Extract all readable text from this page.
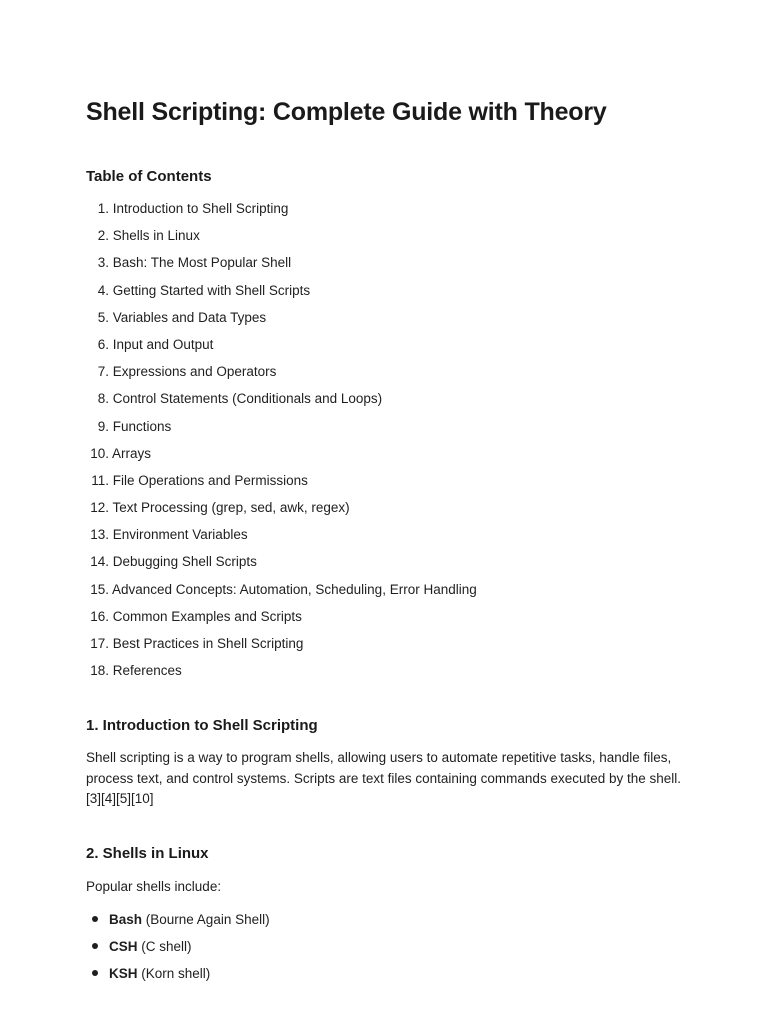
Shell Scripting: Complete Guide with Theory
Table of Contents
1. Introduction to Shell Scripting
2. Shells in Linux
3. Bash: The Most Popular Shell
4. Getting Started with Shell Scripts
5. Variables and Data Types
6. Input and Output
7. Expressions and Operators
8. Control Statements (Conditionals and Loops)
9. Functions
10. Arrays
11. File Operations and Permissions
12. Text Processing (grep, sed, awk, regex)
13. Environment Variables
14. Debugging Shell Scripts
15. Advanced Concepts: Automation, Scheduling, Error Handling
16. Common Examples and Scripts
17. Best Practices in Shell Scripting
18. References
1. Introduction to Shell Scripting

Shell scripting is a way to program shells, allowing users to automate repetitive tasks, handle files, process text, and control systems. Scripts are text files containing commands executed by the shell.[3][4][5][10]

2. Shells in Linux

Popular shells include:

Bash (Bourne Again Shell)
CSH (C shell)
KSH (Korn shell)
